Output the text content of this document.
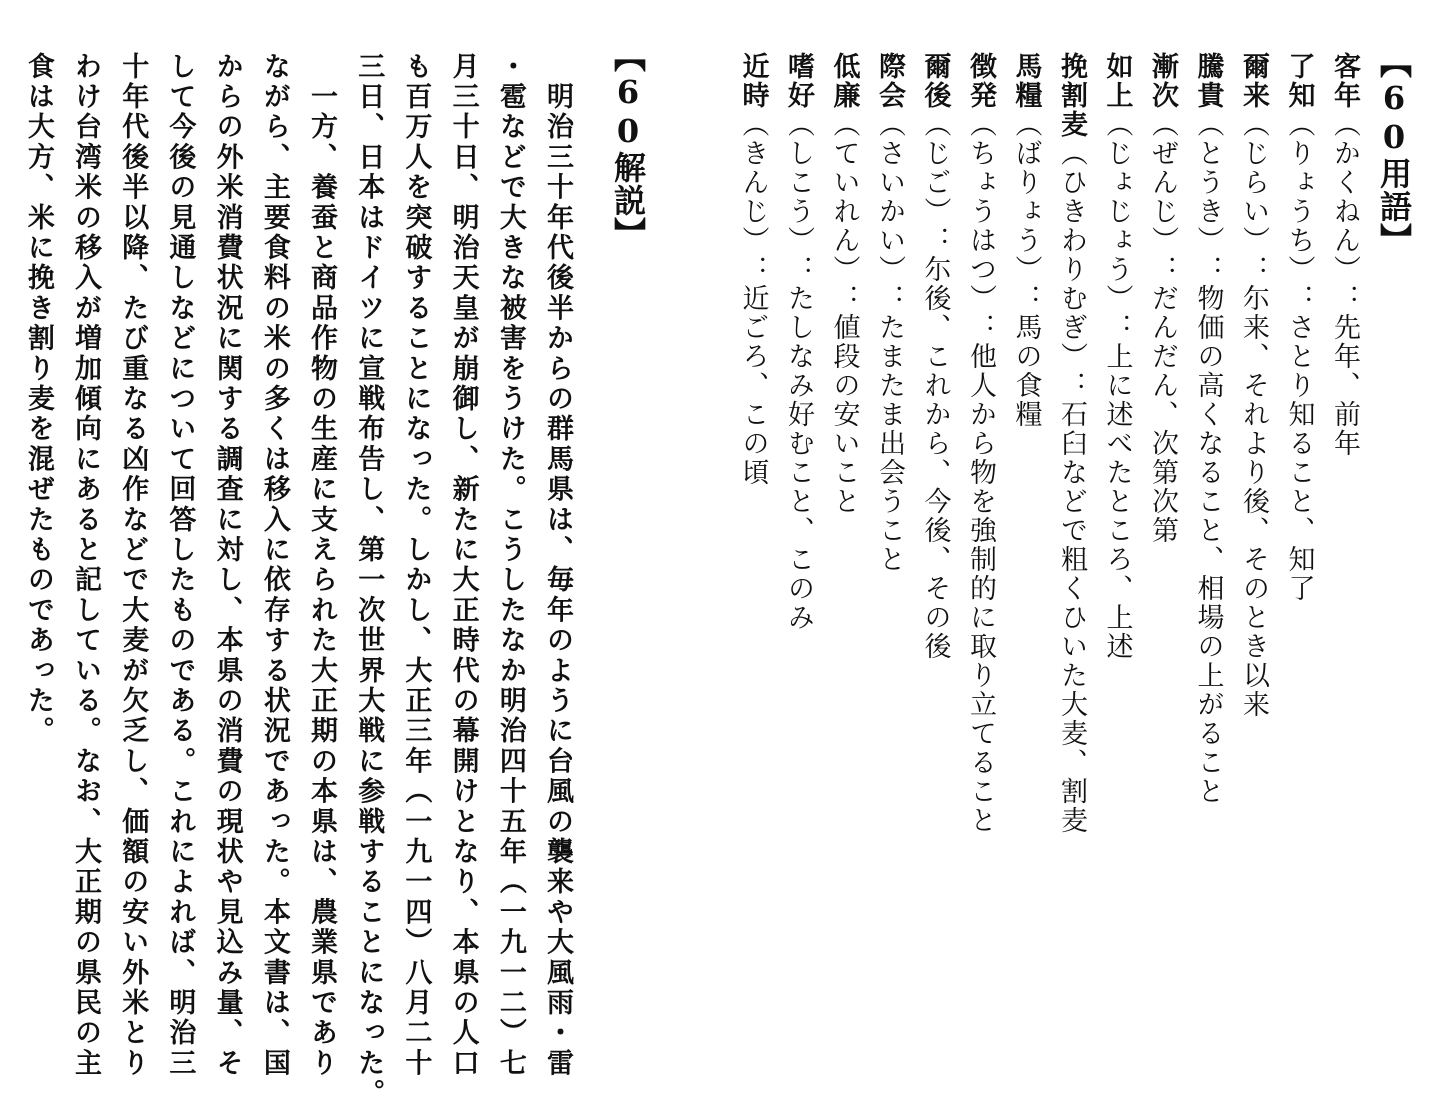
【60用語】
客年（かくねん）：先年、前年
了知（りょうち）：さとり知ること、知了
爾来（じらい）：尓来、それより後、そのとき以来
騰貴（とうき）：物価の高くなること、相場の上がること
漸次（ぜんじ）：だんだん、次第次第
如上（じょじょう）：上に述べたところ、上述
挽割麦（ひきわりむぎ）：石臼などで粗くひいた大麦、割麦
馬糧（ばりょう）：馬の食糧
徴発（ちょうはつ）：他人から物を強制的に取り立てること
爾後（じご）：尓後、これから、今後、その後
際会（さいかい）：たまたま出会うこと
低廉（ていれん）：値段の安いこと
嗜好（しこう）：たしなみ好むこと、このみ
近時（きんじ）：近ごろ、この頃
【60解説】
　明治三十年代後半からの群馬県は、毎年のように台風の襲来や大風雨・雷
・雹などで大きな被害をうけた。こうしたなか明治四十五年（一九一二）七
月三十日、明治天皇が崩御し、新たに大正時代の幕開けとなり、本県の人口
も百万人を突破することになった。しかし、大正三年（一九一四）八月二十
三日、日本はドイツに宣戦布告し、第一次世界大戦に参戦することになった。
　一方、養蚕と商品作物の生産に支えられた大正期の本県は、農業県であり
ながら、主要食料の米の多くは移入に依存する状況であった。本文書は、国
からの外米消費状況に関する調査に対し、本県の消費の現状や見込み量、そ
して今後の見通しなどについて回答したものである。これによれば、明治三
十年代後半以降、たび重なる凶作などで大麦が欠乏し、価額の安い外米とり
わけ台湾米の移入が増加傾向にあると記している。なお、大正期の県民の主
食は大方、米に挽き割り麦を混ぜたものであった。
